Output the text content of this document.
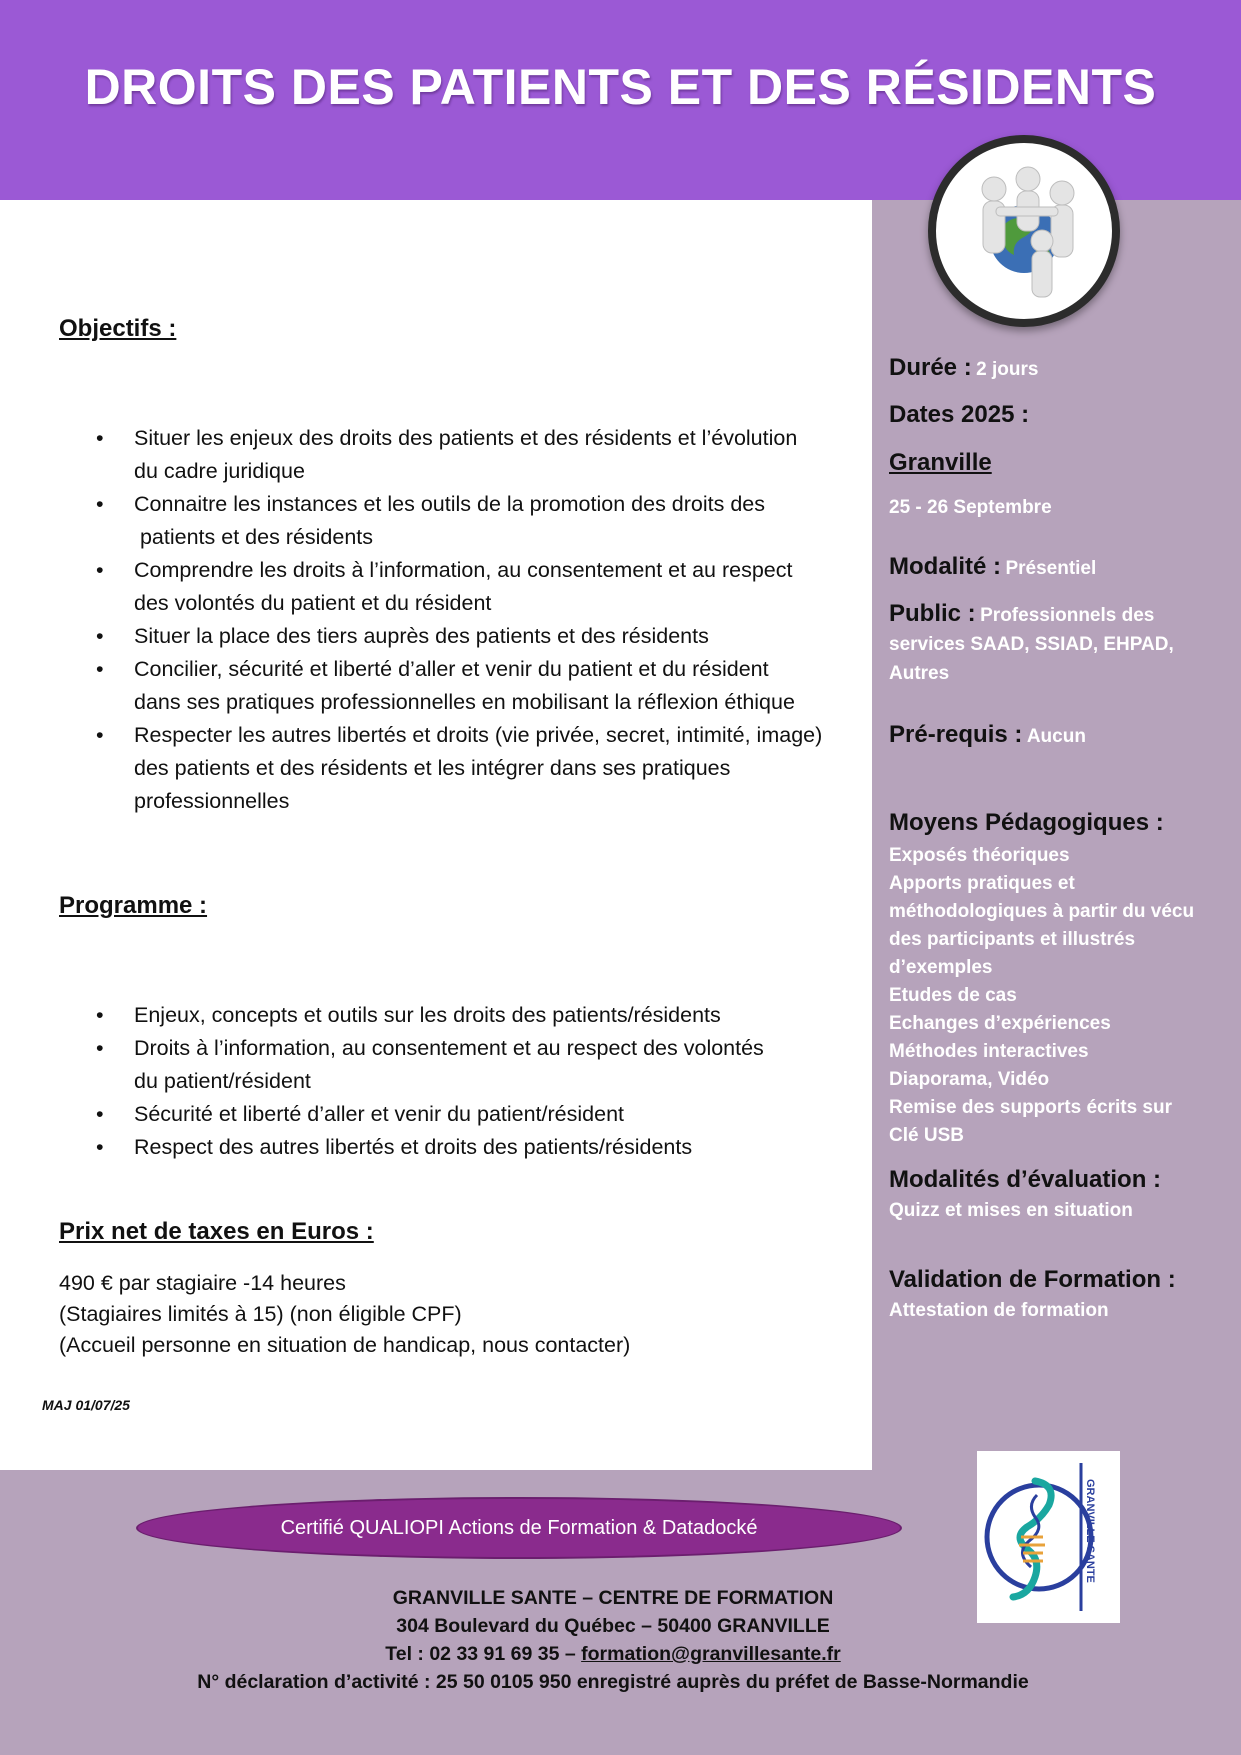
DROITS DES PATIENTS ET DES RÉSIDENTS
Objectifs :
• Situer les enjeux des droits des patients et des résidents et l’évolution
du cadre juridique
• Connaitre les instances et les outils de la promotion des droits des
patients et des résidents
• Comprendre les droits à l’information, au consentement et au respect
des volontés du patient et du résident
• Situer la place des tiers auprès des patients et des résidents
• Concilier, sécurité et liberté d’aller et venir du patient et du résident
dans ses pratiques professionnelles en mobilisant la réflexion éthique
• Respecter les autres libertés et droits (vie privée, secret, intimité, image)
des patients et des résidents et les intégrer dans ses pratiques
professionnelles
Programme :
• Enjeux, concepts et outils sur les droits des patients/résidents
• Droits à l’information, au consentement et au respect des volontés
du patient/résident
• Sécurité et liberté d’aller et venir du patient/résident
• Respect des autres libertés et droits des patients/résidents
Prix net de taxes en Euros :
490 € par stagiaire -14 heures
(Stagiaires limités à 15) (non éligible CPF)
(Accueil personne en situation de handicap, nous contacter)
MAJ 01/07/25
Durée : 2 jours
Dates 2025 :
Granville
25 - 26 Septembre
Modalité : Présentiel
Public : Professionnels des
services SAAD, SSIAD, EHPAD,
Autres
Pré-requis : Aucun
Moyens Pédagogiques :
Exposés théoriques
Apports pratiques et
méthodologiques à partir du vécu
des participants et illustrés
d’exemples
Etudes de cas
Echanges d’expériences
Méthodes interactives
Diaporama, Vidéo
Remise des supports écrits sur
Clé USB
Modalités d’évaluation :
Quizz et mises en situation
Validation de Formation :
Attestation de formation
Certifié QUALIOPI Actions de Formation & Datadocké	GRANVILLE SANTE
GRANVILLE SANTE – CENTRE DE FORMATION
304 Boulevard du Québec – 50400 GRANVILLE
Tel : 02 33 91 69 35 – formation@granvillesante.fr
N° déclaration d’activité : 25 50 0105 950 enregistré auprès du préfet de Basse-Normandie
